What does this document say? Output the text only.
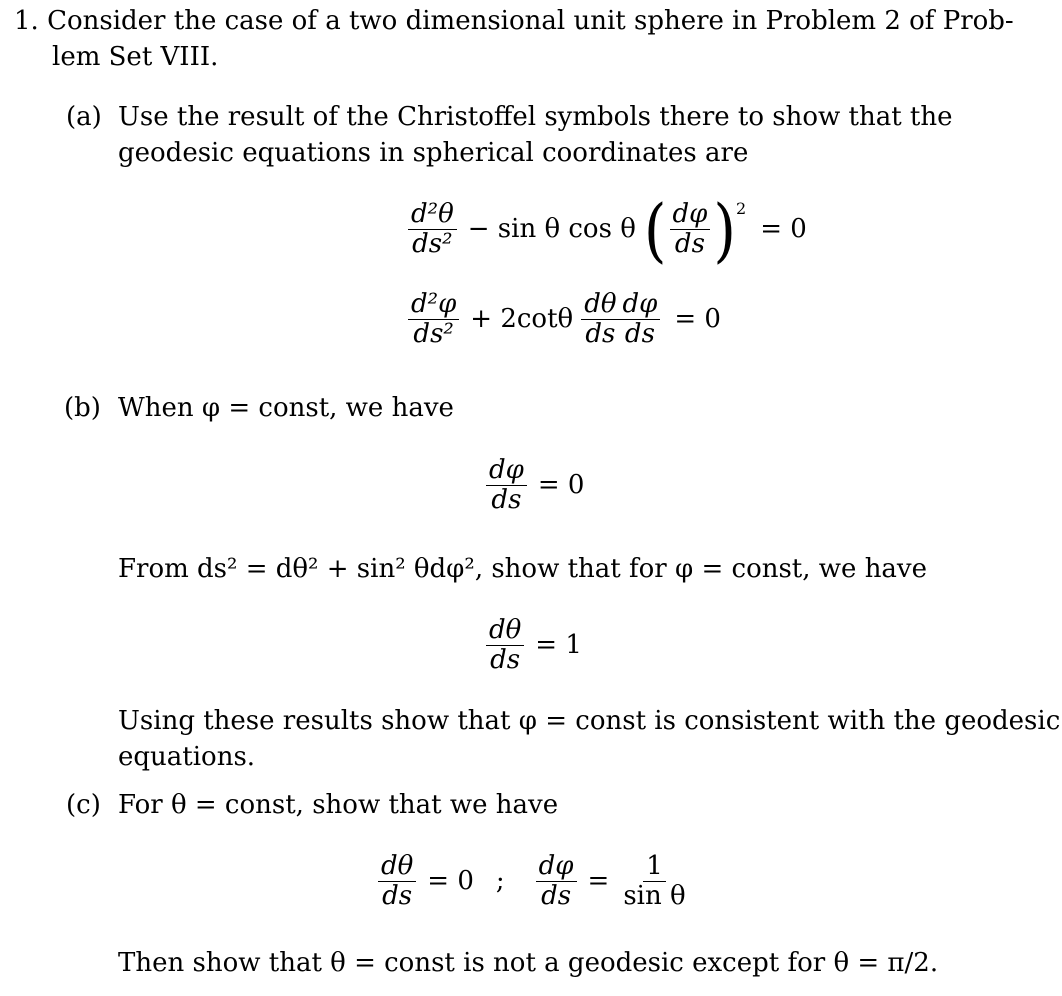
1. Consider the case of a two dimensional unit sphere in Problem 2 of Prob-
lem Set VIII.
(a) Use the result of the Christoffel symbols there to show that the
geodesic equations in spherical coordinates are
$\frac{\text{d²θ}}{\text{ds²}} - \sin \theta$ cos θ ( $\frac{d\varphi}{ds}$ ) 2
= 0
$\frac{\text{d²φ}}{\text{ds²}} + 2\cot\theta \frac{d\theta}{ds} \frac{d\varphi}{ds} = 0$
(b) When φ = const, we have
$\frac{d\varphi}{ds} = 0$
From ds² = dθ² + sin² θdφ², show that for φ = const, we have
$\frac{d\theta}{ds} = 1$
Using these results show that φ = const is consistent with the geodesic
equations.
(c) For θ = const, show that we have
$\frac{d\theta}{ds} = 0$ ; $\frac{d\varphi}{ds} = \frac{1}{\text{sin θ}}$
Then show that θ = const is not a geodesic except for θ = π/2.
